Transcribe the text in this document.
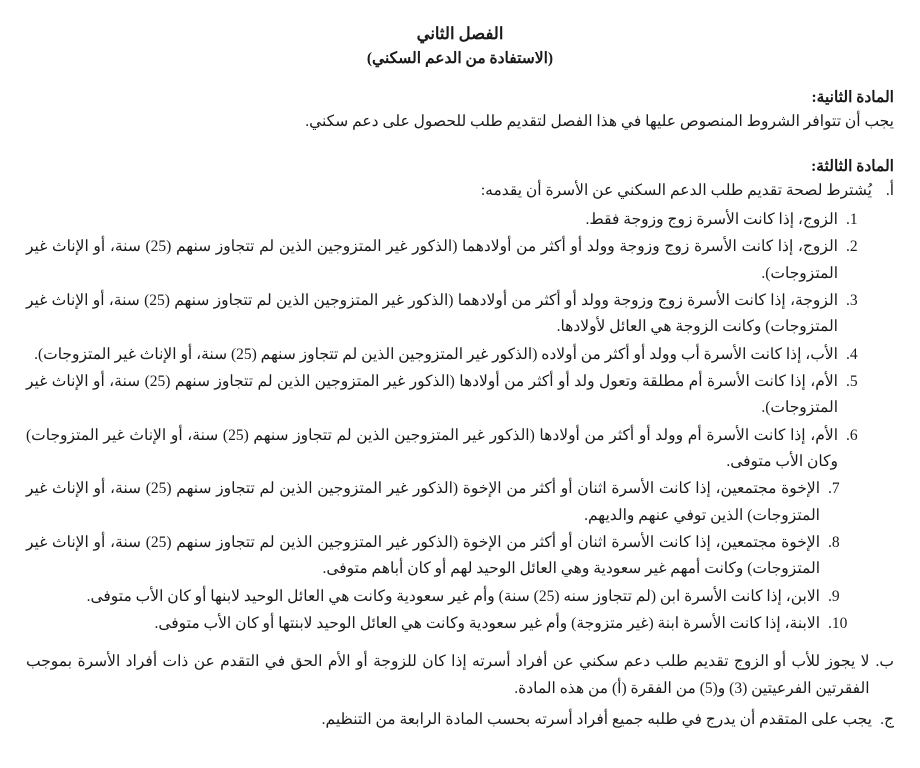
الفصل الثاني
(الاستفادة من الدعم السكني)
المادة الثانية:

يجب أن تتوافر الشروط المنصوص عليها في هذا الفصل لتقديم طلب للحصول على دعم سكني.

المادة الثالثة:
أ.
يُشترط لصحة تقديم طلب الدعم السكني عن الأسرة أن يقدمه:
1.
الزوج، إذا كانت الأسرة زوج وزوجة فقط.
2.
الزوج، إذا كانت الأسرة زوج وزوجة وولد أو أكثر من أولادهما (الذكور غير المتزوجين الذين لم تتجاوز سنهم (25) سنة، أو الإناث غير المتزوجات).
3.
الزوجة، إذا كانت الأسرة زوج وزوجة وولد أو أكثر من أولادهما (الذكور غير المتزوجين الذين لم تتجاوز سنهم (25) سنة، أو الإناث غير المتزوجات) وكانت الزوجة هي العائل لأولادها.
4.
الأب، إذا كانت الأسرة أب وولد أو أكثر من أولاده (الذكور غير المتزوجين الذين لم تتجاوز سنهم (25) سنة، أو الإناث غير المتزوجات).
5.
الأم، إذا كانت الأسرة أم مطلقة وتعول ولد أو أكثر من أولادها (الذكور غير المتزوجين الذين لم تتجاوز سنهم (25) سنة، أو الإناث غير المتزوجات).
6.
الأم، إذا كانت الأسرة أم وولد أو أكثر من أولادها (الذكور غير المتزوجين الذين لم تتجاوز سنهم (25) سنة، أو الإناث غير المتزوجات) وكان الأب متوفى.
7.
الإخوة مجتمعين، إذا كانت الأسرة اثنان أو أكثر من الإخوة (الذكور غير المتزوجين الذين لم تتجاوز سنهم (25) سنة، أو الإناث غير المتزوجات) الذين توفي عنهم والديهم.
8.
الإخوة مجتمعين، إذا كانت الأسرة اثنان أو أكثر من الإخوة (الذكور غير المتزوجين الذين لم تتجاوز سنهم (25) سنة، أو الإناث غير المتزوجات) وكانت أمهم غير سعودية وهي العائل الوحيد لهم أو كان أباهم متوفى.
9.
الابن، إذا كانت الأسرة ابن (لم تتجاوز سنه (25) سنة) وأم غير سعودية وكانت هي العائل الوحيد لابنها أو كان الأب متوفى.
10.
الابنة، إذا كانت الأسرة ابنة (غير متزوجة) وأم غير سعودية وكانت هي العائل الوحيد لابنتها أو كان الأب متوفى.
ب.
لا يجوز للأب أو الزوج تقديم طلب دعم سكني عن أفراد أسرته إذا كان للزوجة أو الأم الحق في التقدم عن ذات أفراد الأسرة بموجب الفقرتين الفرعيتين (3) و(5) من الفقرة (أ) من هذه المادة.
ج.
يجب على المتقدم أن يدرج في طلبه جميع أفراد أسرته بحسب المادة الرابعة من التنظيم.
